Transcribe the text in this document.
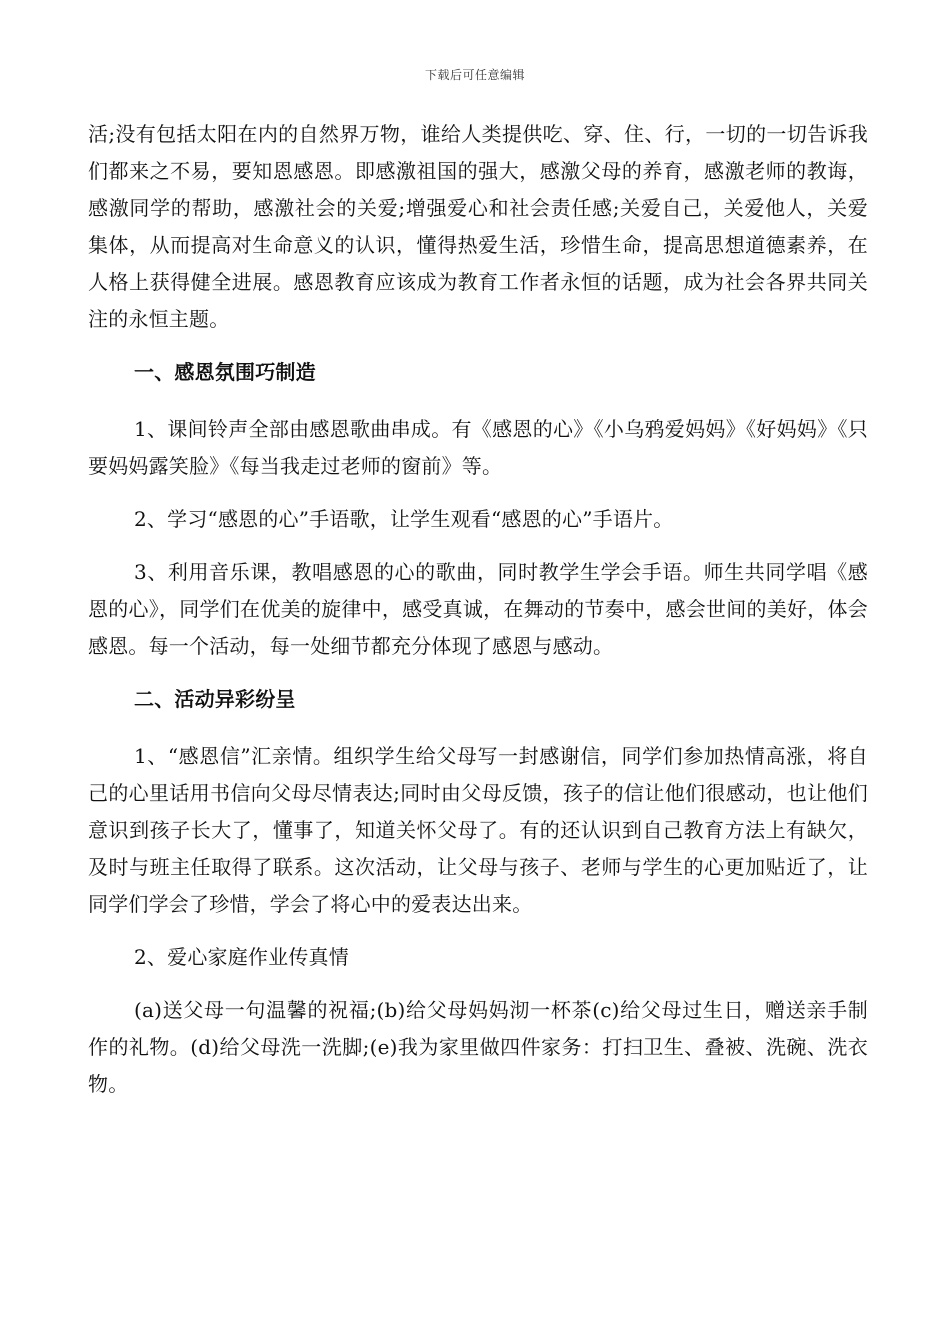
下载后可任意编辑

活;没有包括太阳在内的自然界万物，谁给人类提供吃、穿、住、行，一切的一切告诉我们都来之不易，要知恩感恩。即感激祖国的强大，感激父母的养育，感激老师的教诲，感激同学的帮助，感激社会的关爱;增强爱心和社会责任感;关爱自己，关爱他人，关爱集体，从而提高对生命意义的认识，懂得热爱生活，珍惜生命，提高思想道德素养，在人格上获得健全进展。感恩教育应该成为教育工作者永恒的话题，成为社会各界共同关注的永恒主题。

一、感恩氛围巧制造

1、课间铃声全部由感恩歌曲串成。有《感恩的心》《小乌鸦爱妈妈》《好妈妈》《只要妈妈露笑脸》《每当我走过老师的窗前》等。

2、学习“感恩的心”手语歌，让学生观看“感恩的心”手语片。

3、利用音乐课，教唱感恩的心的歌曲，同时教学生学会手语。师生共同学唱《感恩的心》，同学们在优美的旋律中，感受真诚，在舞动的节奏中，感会世间的美好，体会感恩。每一个活动，每一处细节都充分体现了感恩与感动。

二、活动异彩纷呈

1、“感恩信”汇亲情。组织学生给父母写一封感谢信，同学们参加热情高涨，将自己的心里话用书信向父母尽情表达;同时由父母反馈，孩子的信让他们很感动，也让他们意识到孩子长大了，懂事了，知道关怀父母了。有的还认识到自己教育方法上有缺欠，及时与班主任取得了联系。这次活动，让父母与孩子、老师与学生的心更加贴近了，让同学们学会了珍惜，学会了将心中的爱表达出来。

2、爱心家庭作业传真情

(a)送父母一句温馨的祝福;(b)给父母妈妈沏一杯茶(c)给父母过生日，赠送亲手制作的礼物。(d)给父母洗一洗脚;(e)我为家里做四件家务：打扫卫生、叠被、洗碗、洗衣物。
